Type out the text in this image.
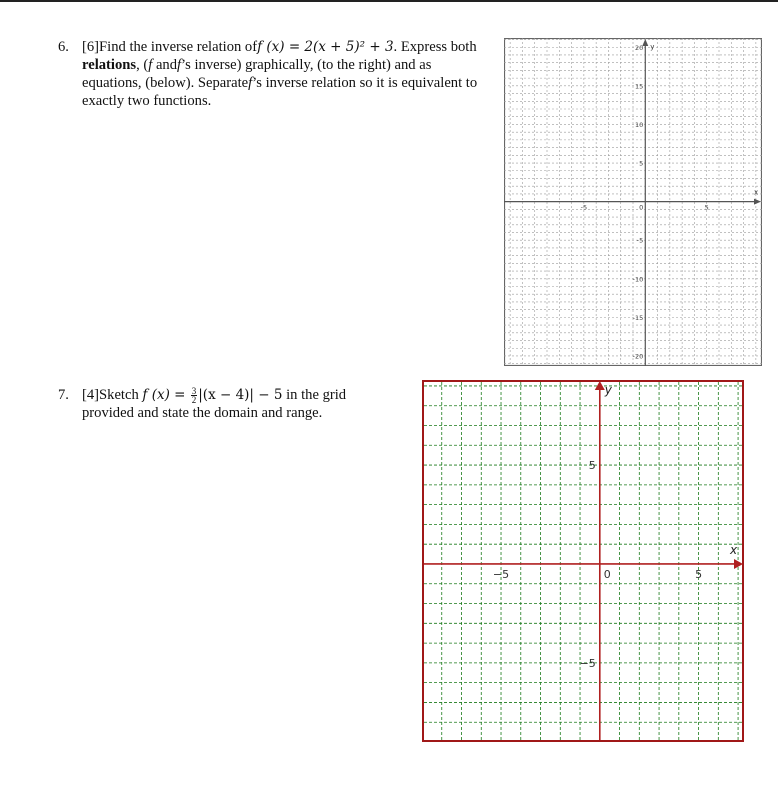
6. [6]Find the inverse relation off (x) = 2(x + 5)² + 3. Express both relations, (f andf’s inverse) graphically, (to the right) and as equations, (below). Separatef’s inverse relation so it is equivalent to exactly two functions.
7. [4]Sketch f $(x) = \frac{3}{2} |(x - 4)| - 5$ in the grid provided and state the domain and range.
x
y
-5	5
20
15
10
5
-5
-10
-15
-20
0
x
y
−5	5
5
−5
0
